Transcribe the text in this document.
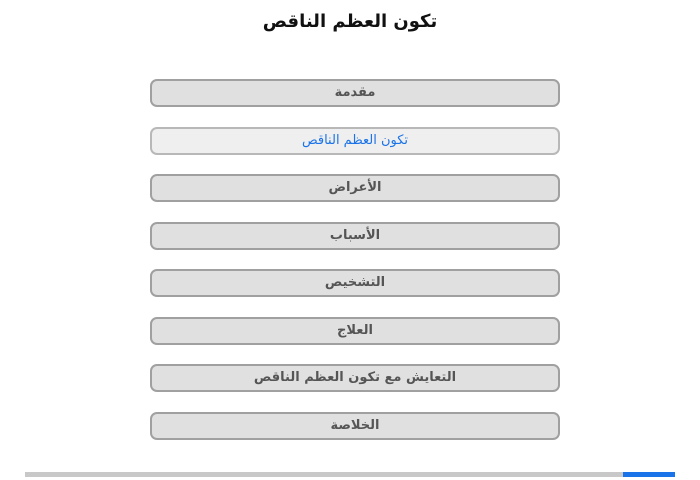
تكون العظم الناقص
مقدمة
تكون العظم الناقص
الأعراض
الأسباب
التشخيص
العلاج
التعايش مع تكون العظم الناقص
الخلاصة
